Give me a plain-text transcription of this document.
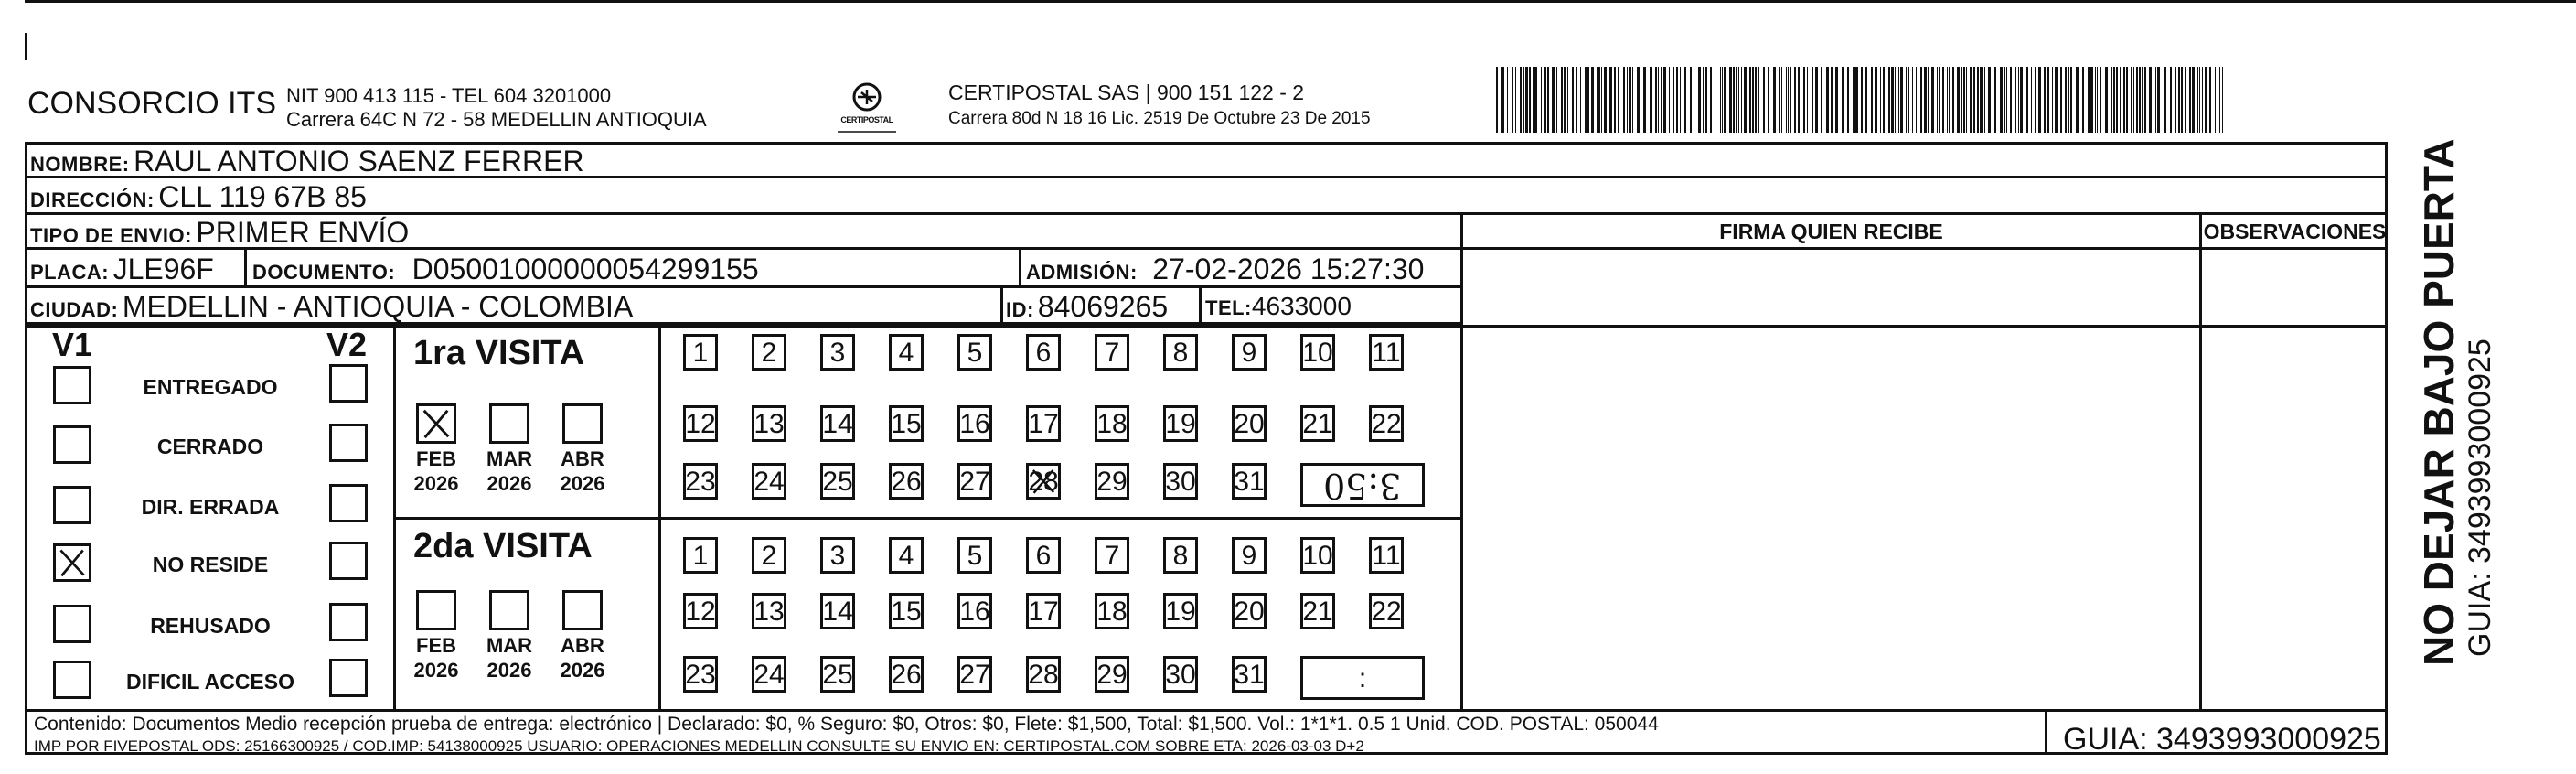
CONSORCIO ITS NIT 900 413 115 - TEL 604 3201000
Carrera 64C N 72 - 58 MEDELLIN ANTIOQUIA	CERTIPOSTAL
CERTIPOSTAL SAS | 900 151 122 - 2
Carrera 80d N 18 16 Lic. 2519 De Octubre 23 De 2015
NOMBRE: RAUL ANTONIO SAENZ FERRER
DIRECCIÓN: CLL 119 67B 85
TIPO DE ENVIO: PRIMER ENVÍO	FIRMA QUIEN RECIBE	OBSERVACIONES
PLACA: JLE96F DOCUMENTO: D05001000000054299155	ADMISIÓN: 27-02-2026 15:27:30
CIUDAD: MEDELLIN - ANTIOQUIA - COLOMBIA	ID: 84069265 TEL:4633000
V1	V2
ENTREGADO
CERRADO
DIR. ERRADA
NO RESIDE
REHUSADO
DIFICIL ACCESO
1ra VISITA
2da VISITA
FEB
2026
MAR
2026
ABR
2026
FEB
2026
MAR
2026
ABR
2026
1 2 3 4 5 6 7 8 9 10 11
12 13 14 15 16 17 18 19 20 21 22
23 24 25 26 27 28 29 30 31 3:50
1 2 3 4 5 6 7 8 9 10 11
12 13 14 15 16 17 18 19 20 21 22
23 24 25 26 27 28 29 30 31	:
Contenido: Documentos Medio recepción prueba de entrega: electrónico | Declarado: $0, % Seguro: $0, Otros: $0, Flete: $1,500, Total: $1,500. Vol.: 1*1*1. 0.5 1 Unid. COD. POSTAL: 050044
IMP POR FIVEPOSTAL ODS: 25166300925 / COD.IMP: 54138000925 USUARIO: OPERACIONES MEDELLIN CONSULTE SU ENVIO EN: CERTIPOSTAL.COM SOBRE ETA: 2026-03-03 D+2	GUIA: 3493993000925
NO DEJAR BAJO PUERTA GUIA: 3493993000925
